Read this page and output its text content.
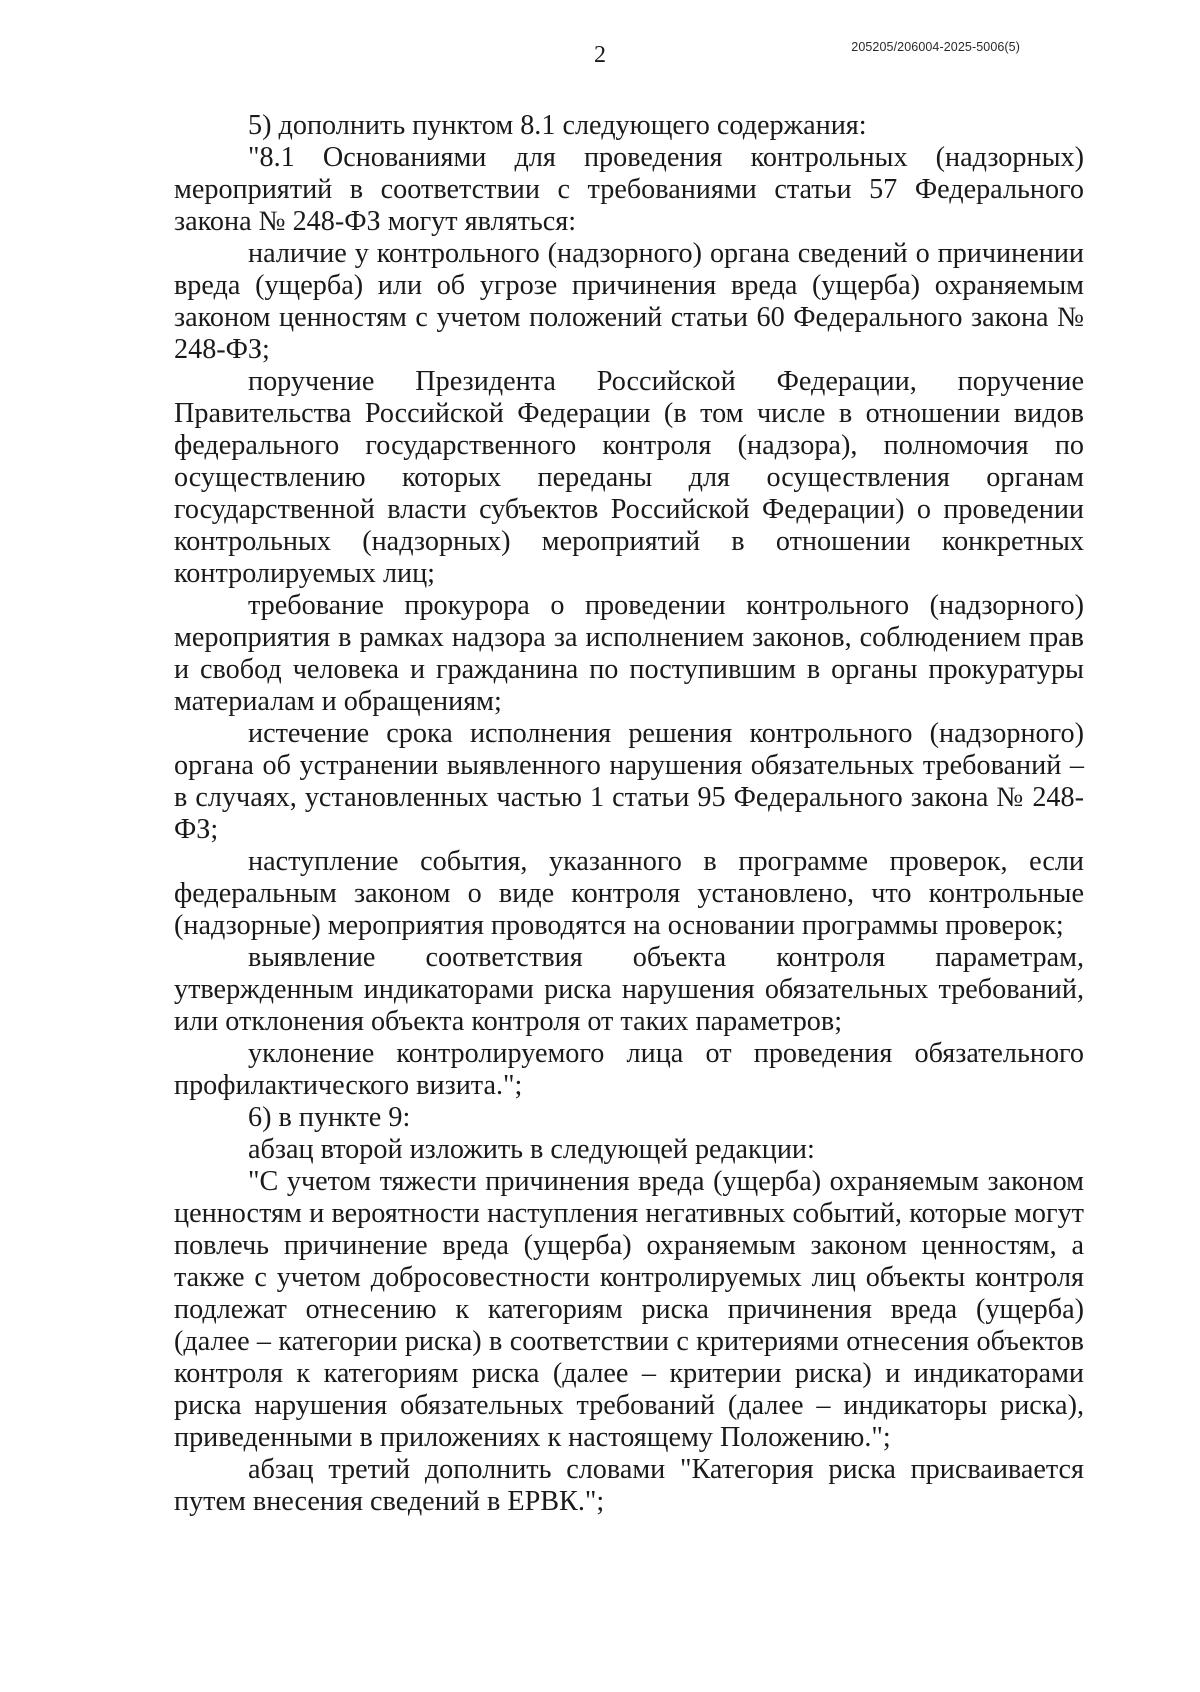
2	205205/206004-2025-5006(5)

5) дополнить пунктом 8.1 следующего содержания:

"8.1 Основаниями для проведения контрольных (надзорных) мероприятий в соответствии с требованиями статьи 57 Федерального закона № 248-ФЗ могут являться:

наличие у контрольного (надзорного) органа сведений о причинении вреда (ущерба) или об угрозе причинения вреда (ущерба) охраняемым законом ценностям с учетом положений статьи 60 Федерального закона № 248-ФЗ;

поручение Президента Российской Федерации, поручение Правительства Российской Федерации (в том числе в отношении видов федерального государственного контроля (надзора), полномочия по осуществлению которых переданы для осуществления органам государственной власти субъектов Российской Федерации) о проведении контрольных (надзорных) мероприятий в отношении конкретных контролируемых лиц;

требование прокурора о проведении контрольного (надзорного) мероприятия в рамках надзора за исполнением законов, соблюдением прав и свобод человека и гражданина по поступившим в органы прокуратуры материалам и обращениям;

истечение срока исполнения решения контрольного (надзорного) органа об устранении выявленного нарушения обязательных требований – в случаях, установленных частью 1 статьи 95 Федерального закона № 248-ФЗ;

наступление события, указанного в программе проверок, если федеральным законом о виде контроля установлено, что контрольные (надзорные) мероприятия проводятся на основании программы проверок;

выявление соответствия объекта контроля параметрам, утвержденным индикаторами риска нарушения обязательных требований, или отклонения объекта контроля от таких параметров;

уклонение контролируемого лица от проведения обязательного профилактического визита.";

6) в пункте 9:

абзац второй изложить в следующей редакции:

"С учетом тяжести причинения вреда (ущерба) охраняемым законом ценностям и вероятности наступления негативных событий, которые могут повлечь причинение вреда (ущерба) охраняемым законом ценностям, а также с учетом добросовестности контролируемых лиц объекты контроля подлежат отнесению к категориям риска причинения вреда (ущерба) (далее – категории риска) в соответствии с критериями отнесения объектов контроля к категориям риска (далее – критерии риска) и индикаторами риска нарушения обязательных требований (далее – индикаторы риска), приведенными в приложениях к настоящему Положению.";

абзац третий дополнить словами "Категория риска присваивается путем внесения сведений в ЕРВК.";
